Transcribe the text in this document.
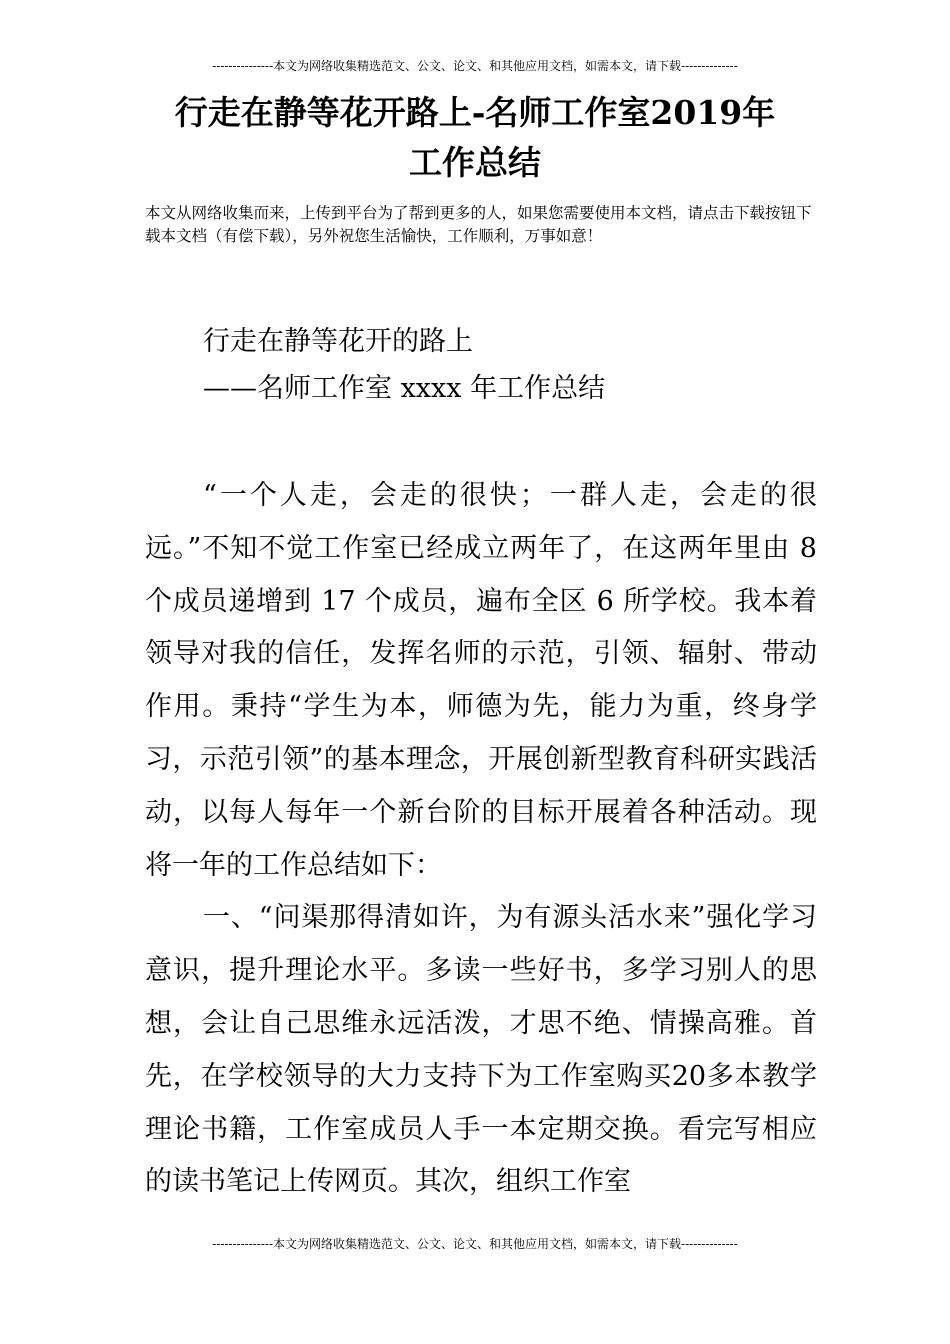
---------------本文为网络收集精选范文、公文、论文、和其他应用文档，如需本文，请下载--------------
行走在静等花开路上-名师工作室2019年
工作总结
本文从网络收集而来，上传到平台为了帮到更多的人，如果您需要使用本文档，请点击下载按钮下载本文档（有偿下载），另外祝您生活愉快，工作顺利，万事如意！
行走在静等花开的路上
——名师工作室 xxxx 年工作总结

“一个人走，会走的很快；一群人走，会走的很远。”不知不觉工作室已经成立两年了，在这两年里由 8 个成员递增到 17 个成员，遍布全区 6 所学校。我本着领导对我的信任，发挥名师的示范，引领、辐射、带动作用。秉持“学生为本，师德为先，能力为重，终身学习，示范引领”的基本理念，开展创新型教育科研实践活动，以每人每年一个新台阶的目标开展着各种活动。现将一年的工作总结如下：

一、“问渠那得清如许，为有源头活水来”强化学习意识，提升理论水平。多读一些好书，多学习别人的思想，会让自己思维永远活泼，才思不绝、情操高雅。首先，在学校领导的大力支持下为工作室购买20多本教学理论书籍，工作室成员人手一本定期交换。看完写相应的读书笔记上传网页。其次，组织工作室

---------------本文为网络收集精选范文、公文、论文、和其他应用文档，如需本文，请下载--------------
